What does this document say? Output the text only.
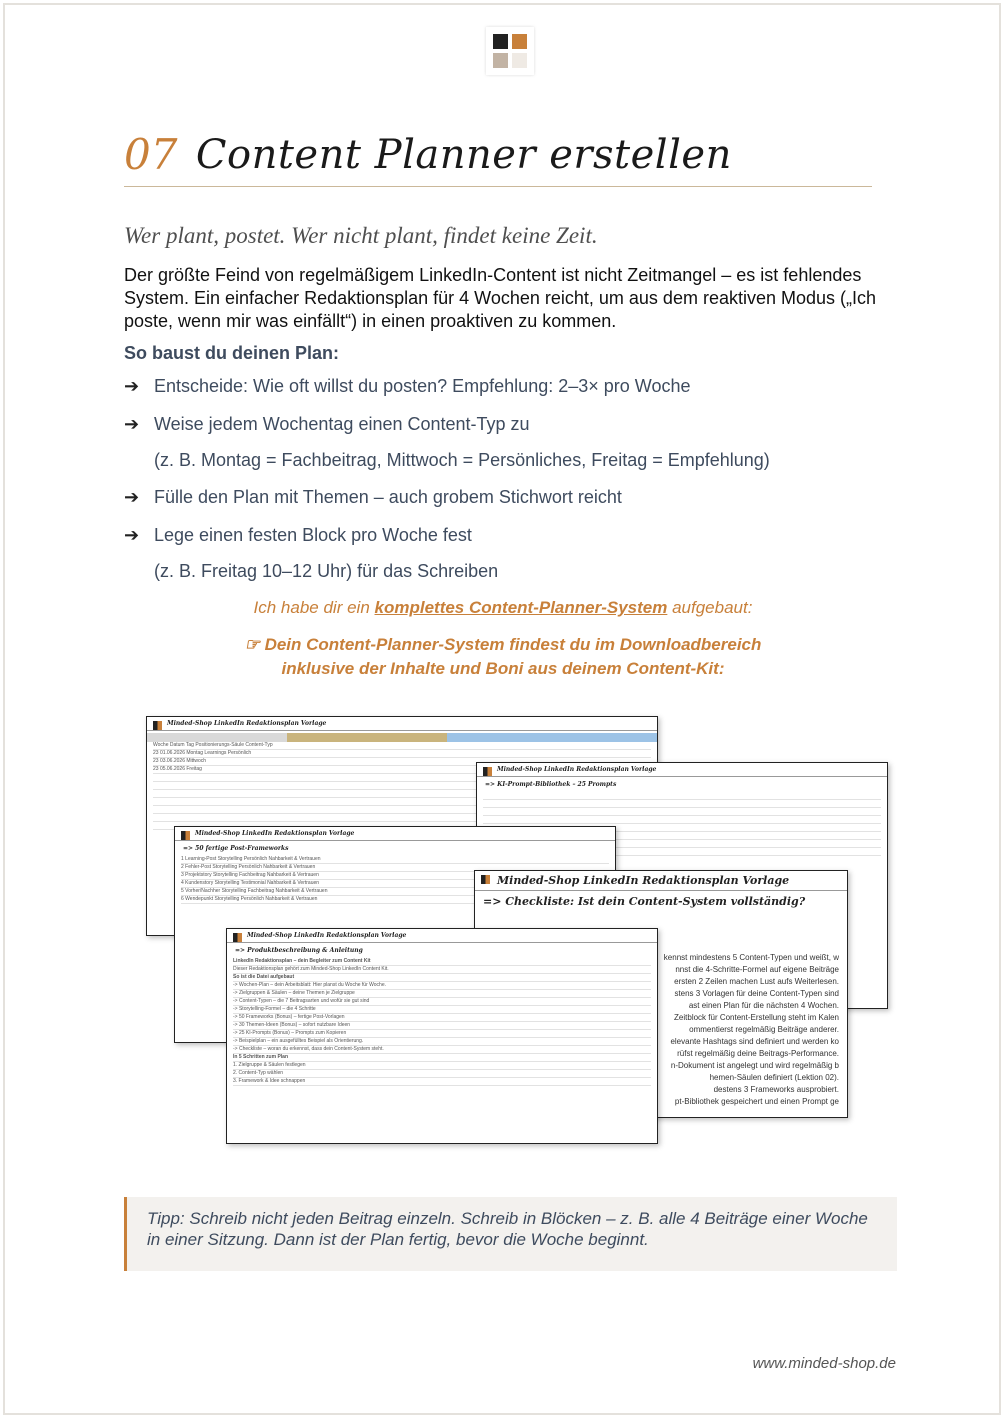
07 Content Planner erstellen
Wer plant, postet. Wer nicht plant, findet keine Zeit.

Der größte Feind von regelmäßigem LinkedIn-Content ist nicht Zeitmangel – es ist fehlendes System. Ein einfacher Redaktionsplan für 4 Wochen reicht, um aus dem reaktiven Modus („Ich poste, wenn mir was einfällt“) in einen proaktiven zu kommen.

So baust du deinen Plan:
➔ Entscheide: Wie oft willst du posten? Empfehlung: 2–3× pro Woche
➔ Weise jedem Wochentag einen Content-Typ zu
(z. B. Montag = Fachbeitrag, Mittwoch = Persönliches, Freitag = Empfehlung)
➔ Fülle den Plan mit Themen – auch grobem Stichwort reicht
➔ Lege einen festen Block pro Woche fest
(z. B. Freitag 10–12 Uhr) für das Schreiben
Ich habe dir ein komplettes Content-Planner-System aufgebaut:
☞ Dein Content-Planner-System findest du im Downloadbereich
inklusive der Inhalte und Boni aus deinem Content-Kit:
Minded-Shop LinkedIn Redaktionsplan Vorlage
Woche Datum Tag Positionierungs-Säule Content-Typ
23 01.06.2026 Montag Learnings Persönlich
23 03.06.2026 Mittwoch
23 05.06.2026 Freitag	Minded-Shop LinkedIn Redaktionsplan Vorlage
=> KI-Prompt-Bibliothek – 25 Prompts
Minded-Shop LinkedIn Redaktionsplan Vorlage
=> 50 fertige Post-Frameworks
1 Learning-Post Storytelling Persönlich Nahbarkeit & Vertrauen
2 Fehler-Post Storytelling Persönlich Nahbarkeit & Vertrauen
3 Projektstory Storytelling Fachbeitrag Nahbarkeit & Vertrauen
4 Kundenstory Storytelling Testimonial Nahbarkeit & Vertrauen
5 Vorher/Nachher Storytelling Fachbeitrag Nahbarkeit & Vertrauen
6 Wendepunkt Storytelling Persönlich Nahbarkeit & Vertrauen
Minded-Shop LinkedIn Redaktionsplan Vorlage
=> Checkliste: Ist dein Content-System vollständig?
kennst mindestens 5 Content-Typen und weißt, w
nnst die 4-Schritte-Formel auf eigene Beiträge
ersten 2 Zeilen machen Lust aufs Weiterlesen.
stens 3 Vorlagen für deine Content-Typen sind
ast einen Plan für die nächsten 4 Wochen.
Zeitblock für Content-Erstellung steht im Kalen
ommentierst regelmäßig Beiträge anderer.
elevante Hashtags sind definiert und werden ko
rüfst regelmäßig deine Beitrags-Performance.
n-Dokument ist angelegt und wird regelmäßig b
hemen-Säulen definiert (Lektion 02).
destens 3 Frameworks ausprobiert.
pt-Bibliothek gespeichert und einen Prompt ge
Minded-Shop LinkedIn Redaktionsplan Vorlage
=> Produktbeschreibung & Anleitung
LinkedIn Redaktionsplan – dein Begleiter zum Content Kit
Dieser Redaktionsplan gehört zum Minded-Shop LinkedIn Content Kit.
So ist die Datei aufgebaut
-> Wochen-Plan – dein Arbeitsblatt: Hier planst du Woche für Woche.
-> Zielgruppen & Säulen – deine Themen je Zielgruppe
-> Content-Typen – die 7 Beitragsarten und wofür sie gut sind
-> Storytelling-Formel – die 4 Schritte
-> 50 Frameworks (Bonus) – fertige Post-Vorlagen
-> 30 Themen-Ideen (Bonus) – sofort nutzbare Ideen
-> 25 KI-Prompts (Bonus) – Prompts zum Kopieren
-> Beispielplan – ein ausgefülltes Beispiel als Orientierung.
-> Checkliste – woran du erkennst, dass dein Content-System steht.
In 5 Schritten zum Plan
1. Zielgruppe & Säulen festlegen
2. Content-Typ wählen
3. Framework & Idee schnappen

Tipp: Schreib nicht jeden Beitrag einzeln. Schreib in Blöcken – z. B. alle 4 Beiträge einer Woche in einer Sitzung. Dann ist der Plan fertig, bevor die Woche beginnt.

www.minded-shop.de
